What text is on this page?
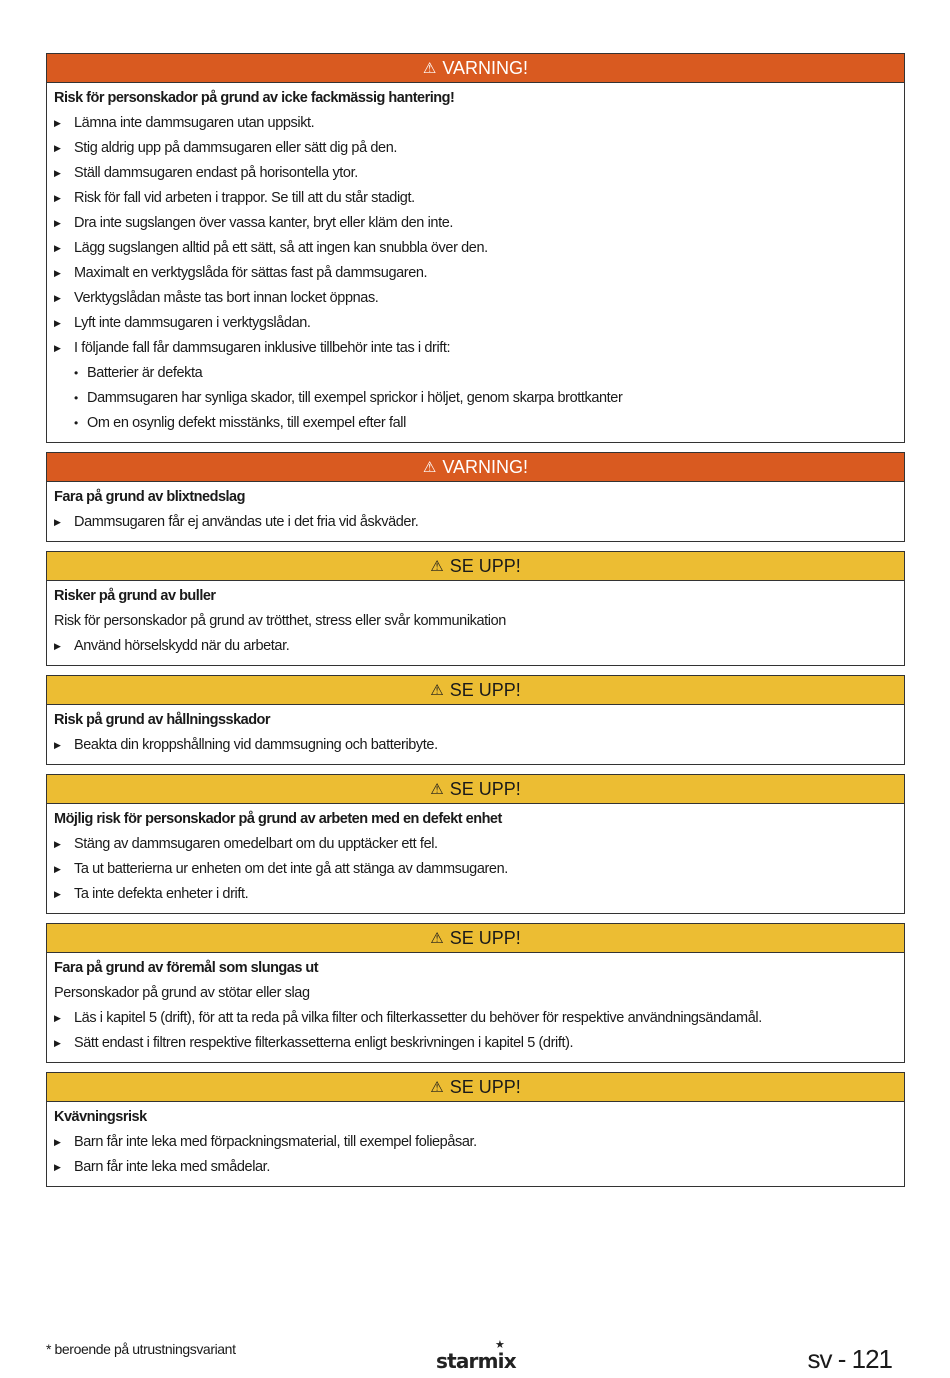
⚠ VARNING!
Risk för personskador på grund av icke fackmässig hantering!
▶ Lämna inte dammsugaren utan uppsikt.
▶ Stig aldrig upp på dammsugaren eller sätt dig på den.
▶ Ställ dammsugaren endast på horisontella ytor.
▶ Risk för fall vid arbeten i trappor. Se till att du står stadigt.
▶ Dra inte sugslangen över vassa kanter, bryt eller kläm den inte.
▶ Lägg sugslangen alltid på ett sätt, så att ingen kan snubbla över den.
▶ Maximalt en verktygslåda för sättas fast på dammsugaren.
▶ Verktygslådan måste tas bort innan locket öppnas.
▶ Lyft inte dammsugaren i verktygslådan.
▶ I följande fall får dammsugaren inklusive tillbehör inte tas i drift:
• Batterier är defekta
• Dammsugaren har synliga skador, till exempel sprickor i höljet, genom skarpa brottkanter
• Om en osynlig defekt misstänks, till exempel efter fall
⚠ VARNING!
Fara på grund av blixtnedslag
▶ Dammsugaren får ej användas ute i det fria vid åskväder.
⚠ SE UPP!
Risker på grund av buller
Risk för personskador på grund av trötthet, stress eller svår kommunikation
▶ Använd hörselskydd när du arbetar.
⚠ SE UPP!
Risk på grund av hållningsskador
▶ Beakta din kroppshållning vid dammsugning och batteribyte.
⚠ SE UPP!
Möjlig risk för personskador på grund av arbeten med en defekt enhet
▶ Stäng av dammsugaren omedelbart om du upptäcker ett fel.
▶ Ta ut batterierna ur enheten om det inte gå att stänga av dammsugaren.
▶ Ta inte defekta enheter i drift.
⚠ SE UPP!
Fara på grund av föremål som slungas ut
Personskador på grund av stötar eller slag
▶ Läs i kapitel 5 (drift), för att ta reda på vilka filter och filterkassetter du behöver för respektive användningsändamål.
▶ Sätt endast i filtren respektive filterkassetterna enligt beskrivningen i kapitel 5 (drift).
⚠ SE UPP!
Kvävningsrisk
▶ Barn får inte leka med förpackningsmaterial, till exempel foliepåsar.
▶ Barn får inte leka med smådelar.
* beroende på utrustningsvariant	starmix
★	sv - 121
